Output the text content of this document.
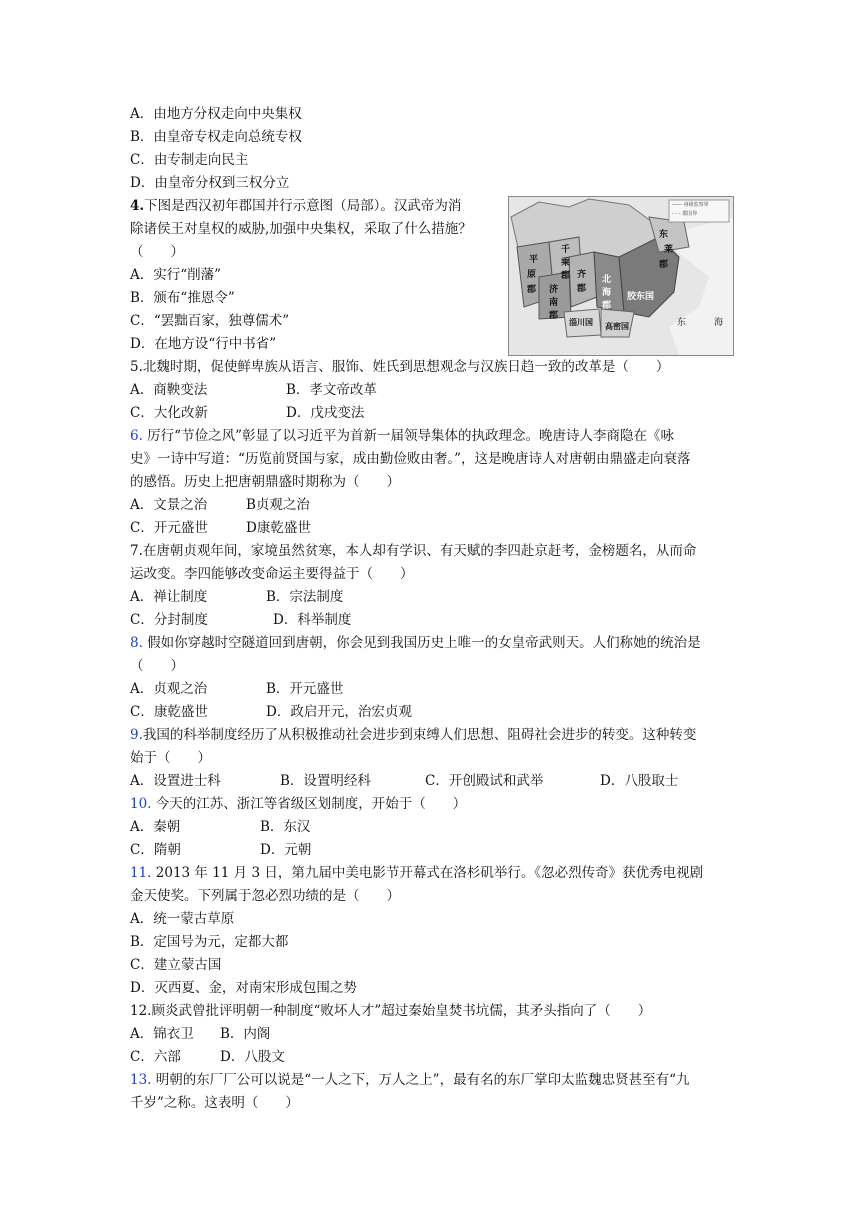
A．由地方分权走向中央集权
B．由皇帝专权走向总统专权
C．由专制走向民主
D．由皇帝分权到三权分立
4.下图是西汉初年郡国并行示意图（局部）。汉武帝为消
除诸侯王对皇权的威胁,加强中央集权，采取了什么措施？
（　　）
A．实行“削藩”
B．颁布“推恩令”
C．“罢黜百家，独尊儒术”
D．在地方设“行中书省”
—— 州级监察界
- - - 郡国界
平
原
郡
千
乘
郡
济
南
郡
齐
郡
北
海
郡
东
莱
郡
胶东国
淄川国 高密国	东	海
5.北魏时期，促使鲜卑族从语言、服饰、姓氏到思想观念与汉族日趋一致的改革是（　　）
A．商鞅变法	B．孝文帝改革
C．大化改新	D．戊戌变法
6. 厉行“节俭之风”彰显了以习近平为首新一届领导集体的执政理念。晚唐诗人李商隐在《咏
史》一诗中写道：“历览前贤国与家，成由勤俭败由奢。”，这是晚唐诗人对唐朝由鼎盛走向衰落
的感悟。历史上把唐朝鼎盛时期称为（　　）
A．文景之治	B贞观之治
C．开元盛世	D康乾盛世
7.在唐朝贞观年间，家境虽然贫寒，本人却有学识、有天赋的李四赴京赶考，金榜题名，从而命
运改变。李四能够改变命运主要得益于（　　）
A．禅让制度	B．宗法制度
C．分封制度	D．科举制度
8. 假如你穿越时空隧道回到唐朝，你会见到我国历史上唯一的女皇帝武则天。人们称她的统治是
（　　）
A．贞观之治	B．开元盛世
C．康乾盛世	D．政启开元，治宏贞观
9.我国的科举制度经历了从积极推动社会进步到束缚人们思想、阻碍社会进步的转变。这种转变
始于（　　）
A．设置进士科	B．设置明经科	C．开创殿试和武举	D．八股取士
10. 今天的江苏、浙江等省级区划制度，开始于（　　）
A．秦朝	B．东汉
C．隋朝	D．元朝
11. 2013 年 11 月 3 日，第九届中美电影节开幕式在洛杉矶举行。《忽必烈传奇》获优秀电视剧
金天使奖。下列属于忽必烈功绩的是（　　）
A．统一蒙古草原
B．定国号为元，定都大都
C．建立蒙古国
D．灭西夏、金，对南宋形成包围之势
12.顾炎武曾批评明朝一种制度“败坏人才”超过秦始皇焚书坑儒，其矛头指向了（　　）
A．锦衣卫 B．内阁
C．六部	D．八股文
13. 明朝的东厂厂公可以说是“一人之下，万人之上”，最有名的东厂掌印太监魏忠贤甚至有“九
千岁”之称。这表明（　　）
